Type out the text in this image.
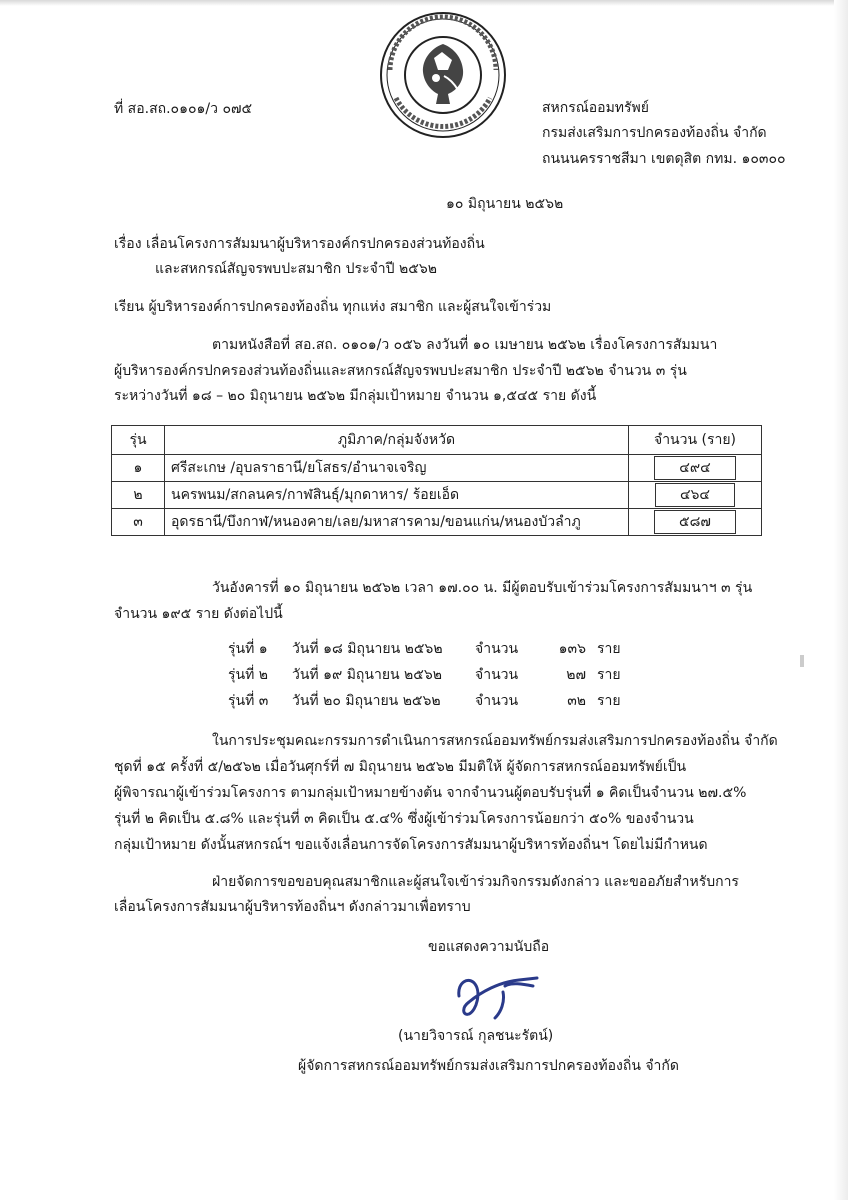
ที่ สอ.สถ.๐๑๐๑/ว ๐๗๕	สหกรณ์ออมทรัพย์
กรมส่งเสริมการปกครองท้องถิ่น จำกัด
ถนนนครราชสีมา เขตดุสิต กทม. ๑๐๓๐๐
๑๐ มิถุนายน ๒๕๖๒
เรื่อง เลื่อนโครงการสัมมนาผู้บริหารองค์กรปกครองส่วนท้องถิ่น
และสหกรณ์สัญจรพบปะสมาชิก ประจำปี ๒๕๖๒
เรียน ผู้บริหารองค์การปกครองท้องถิ่น ทุกแห่ง สมาชิก และผู้สนใจเข้าร่วม
ตามหนังสือที่ สอ.สถ. ๐๑๐๑/ว ๐๕๖ ลงวันที่ ๑๐ เมษายน ๒๕๖๒ เรื่องโครงการสัมมนา
ผู้บริหารองค์กรปกครองส่วนท้องถิ่นและสหกรณ์สัญจรพบปะสมาชิก ประจำปี ๒๕๖๒ จำนวน ๓ รุ่น
ระหว่างวันที่ ๑๘ – ๒๐ มิถุนายน ๒๕๖๒ มีกลุ่มเป้าหมาย จำนวน ๑,๕๔๕ ราย ดังนี้
รุ่น	ภูมิภาค/กลุ่มจังหวัด	จำนวน (ราย)
๑	ศรีสะเกษ /อุบลราธานี/ยโสธร/อำนาจเจริญ	๔๙๔
๒	นครพนม/สกลนคร/กาฬสินธุ์/มุกดาหาร/ ร้อยเอ็ด	๔๖๔
๓	อุดรธานี/บึงกาฬ/หนองคาย/เลย/มหาสารคาม/ขอนแก่น/หนองบัวลำภู	๕๘๗
วันอังคารที่ ๑๐ มิถุนายน ๒๕๖๒ เวลา ๑๗.๐๐ น. มีผู้ตอบรับเข้าร่วมโครงการสัมมนาฯ ๓ รุ่น
จำนวน ๑๙๕ ราย ดังต่อไปนี้
รุ่นที่ ๑ วันที่ ๑๘ มิถุนายน ๒๕๖๒ จำนวน	๑๓๖ ราย
รุ่นที่ ๒ วันที่ ๑๙ มิถุนายน ๒๕๖๒ จำนวน	๒๗ ราย
รุ่นที่ ๓ วันที่ ๒๐ มิถุนายน ๒๕๖๒ จำนวน	๓๒ ราย
ในการประชุมคณะกรรมการดำเนินการสหกรณ์ออมทรัพย์กรมส่งเสริมการปกครองท้องถิ่น จำกัด
ชุดที่ ๑๕ ครั้งที่ ๕/๒๕๖๒ เมื่อวันศุกร์ที่ ๗ มิถุนายน ๒๕๖๒ มีมติให้ ผู้จัดการสหกรณ์ออมทรัพย์เป็น
ผู้พิจารณาผู้เข้าร่วมโครงการ ตามกลุ่มเป้าหมายข้างต้น จากจำนวนผู้ตอบรับรุ่นที่ ๑ คิดเป็นจำนวน ๒๗.๕%
รุ่นที่ ๒ คิดเป็น ๕.๘% และรุ่นที่ ๓ คิดเป็น ๕.๔% ซึ่งผู้เข้าร่วมโครงการน้อยกว่า ๕๐% ของจำนวน
กลุ่มเป้าหมาย ดังนั้นสหกรณ์ฯ ขอแจ้งเลื่อนการจัดโครงการสัมมนาผู้บริหารท้องถิ่นฯ โดยไม่มีกำหนด
ฝ่ายจัดการขอขอบคุณสมาชิกและผู้สนใจเข้าร่วมกิจกรรมดังกล่าว และขออภัยสำหรับการ
เลื่อนโครงการสัมมนาผู้บริหารท้องถิ่นฯ ดังกล่าวมาเพื่อทราบ
ขอแสดงความนับถือ
(นายวิจารณ์ กุลชนะรัตน์)
ผู้จัดการสหกรณ์ออมทรัพย์กรมส่งเสริมการปกครองท้องถิ่น จำกัด
